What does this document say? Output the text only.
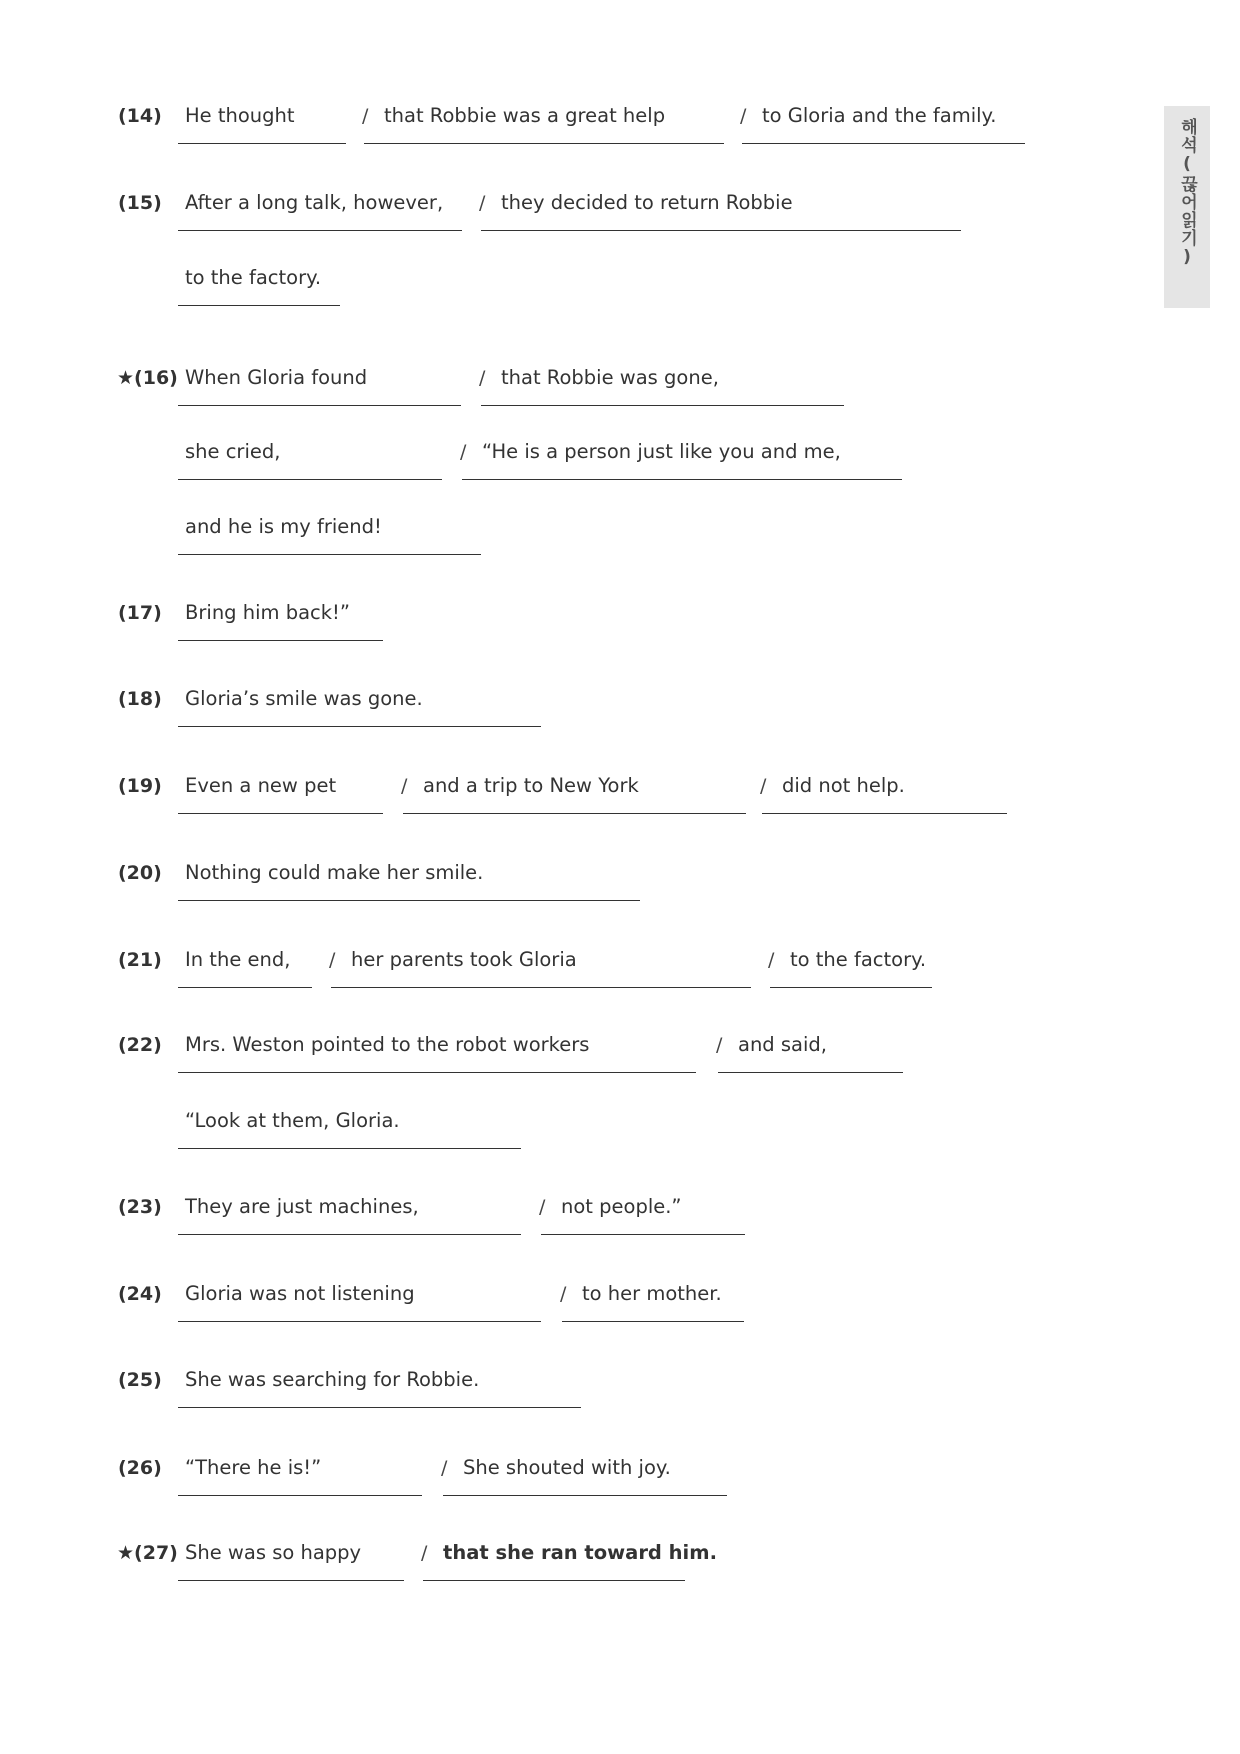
(14) He thought	/ that Robbie was a great help	/ to Gloria and the family.
(15) After a long talk, however, / they decided to return Robbie
to the factory.
★(16) When Gloria found	/ that Robbie was gone,
she cried,	/ “He is a person just like you and me,
and he is my friend!
(17) Bring him back!”
(18) Gloria’s smile was gone.
(19) Even a new pet	/ and a trip to New York	/ did not help.
(20) Nothing could make her smile.
(21) In the end, / her parents took Gloria	/ to the factory.
(22) Mrs. Weston pointed to the robot workers	/ and said,
“Look at them, Gloria.
(23) They are just machines,	/ not people.”
(24) Gloria was not listening	/ to her mother.
(25) She was searching for Robbie.
(26) “There he is!”	/ She shouted with joy.
★(27) She was so happy	/ that she ran toward him.
해석(끊어읽기)
